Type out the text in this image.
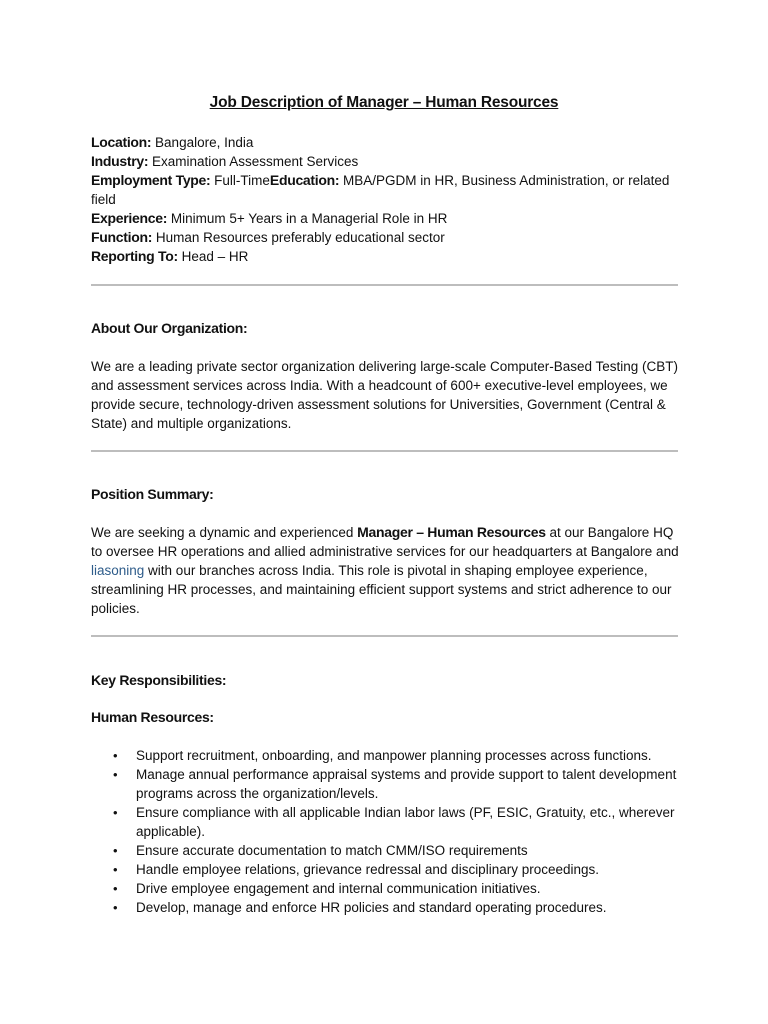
Job Description of Manager – Human Resources

Location: Bangalore, India

Industry: Examination Assessment Services

Employment Type: Full-TimeEducation: MBA/PGDM in HR, Business Administration, or related field

Experience: Minimum 5+ Years in a Managerial Role in HR

Function: Human Resources preferably educational sector

Reporting To: Head – HR

About Our Organization:
We are a leading private sector organization delivering large-scale Computer-Based Testing (CBT) and assessment services across India. With a headcount of 600+ executive-level employees, we provide secure, technology-driven assessment solutions for Universities, Government (Central & State) and multiple organizations.
Position Summary:
We are seeking a dynamic and experienced Manager – Human Resources at our Bangalore HQ to oversee HR operations and allied administrative services for our headquarters at Bangalore and liasoning with our branches across India. This role is pivotal in shaping employee experience, streamlining HR processes, and maintaining efficient support systems and strict adherence to our policies.
Key Responsibilities:
Human Resources:
• Support recruitment, onboarding, and manpower planning processes across functions.
• Manage annual performance appraisal systems and provide support to talent development programs across the organization/levels.
• Ensure compliance with all applicable Indian labor laws (PF, ESIC, Gratuity, etc., wherever applicable).
• Ensure accurate documentation to match CMM/ISO requirements
• Handle employee relations, grievance redressal and disciplinary proceedings.
• Drive employee engagement and internal communication initiatives.
• Develop, manage and enforce HR policies and standard operating procedures.
